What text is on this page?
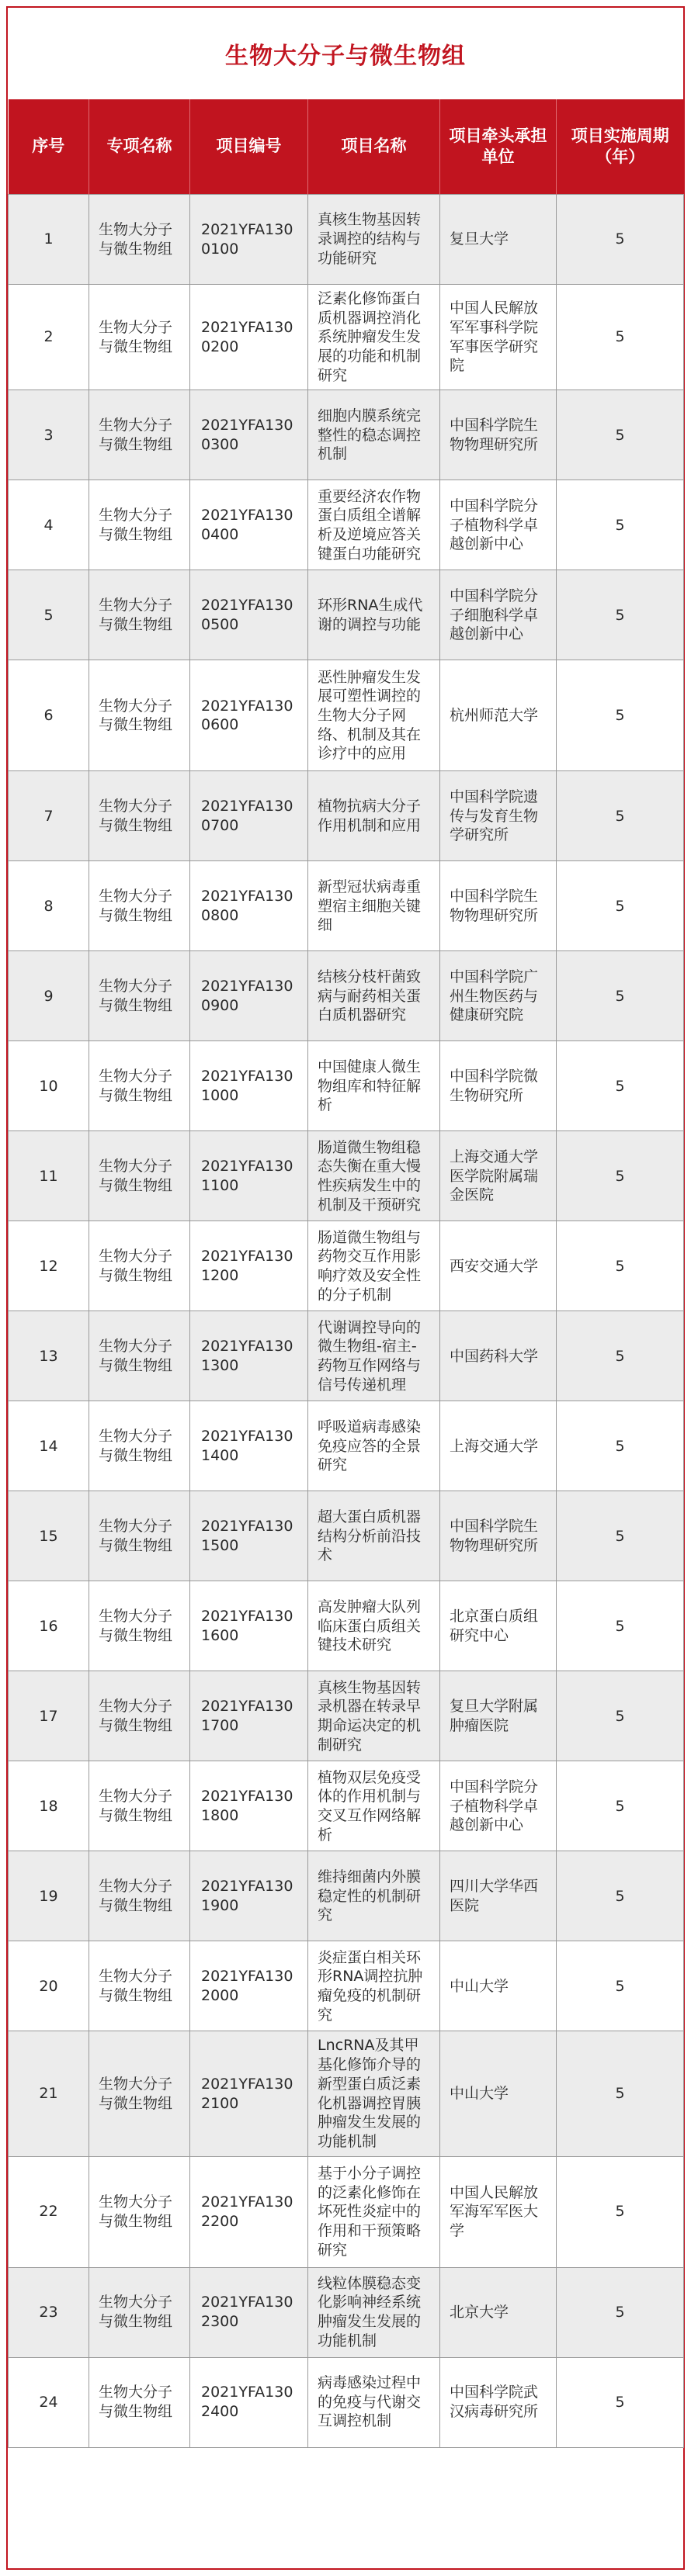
生物大分子与微生物组
序号	专项名称	项目编号	项目名称	项目牵头承担单位	项目实施周期（年）
1	生物大分子与微生物组	2021YFA1300100	真核生物基因转录调控的结构与功能研究	复旦大学	5
2	生物大分子与微生物组	2021YFA1300200	泛素化修饰蛋白质机器调控消化系统肿瘤发生发展的功能和机制研究	中国人民解放军军事科学院军事医学研究院	5
3	生物大分子与微生物组	2021YFA1300300	细胞内膜系统完整性的稳态调控机制	中国科学院生物物理研究所	5
4	生物大分子与微生物组	2021YFA1300400	重要经济农作物蛋白质组全谱解析及逆境应答关键蛋白功能研究	中国科学院分子植物科学卓越创新中心	5
5	生物大分子与微生物组	2021YFA1300500	环形RNA生成代谢的调控与功能	中国科学院分子细胞科学卓越创新中心	5
6	生物大分子与微生物组	2021YFA1300600	恶性肿瘤发生发展可塑性调控的生物大分子网络、机制及其在诊疗中的应用	杭州师范大学	5
7	生物大分子与微生物组	2021YFA1300700	植物抗病大分子作用机制和应用	中国科学院遗传与发育生物学研究所	5
8	生物大分子与微生物组	2021YFA1300800	新型冠状病毒重塑宿主细胞关键细	中国科学院生物物理研究所	5
9	生物大分子与微生物组	2021YFA1300900	结核分枝杆菌致病与耐药相关蛋白质机器研究	中国科学院广州生物医药与健康研究院	5
10	生物大分子与微生物组	2021YFA1301000	中国健康人微生物组库和特征解析	中国科学院微生物研究所	5
11	生物大分子与微生物组	2021YFA1301100	肠道微生物组稳态失衡在重大慢性疾病发生中的机制及干预研究	上海交通大学医学院附属瑞金医院	5
12	生物大分子与微生物组	2021YFA1301200	肠道微生物组与药物交互作用影响疗效及安全性的分子机制	西安交通大学	5
13	生物大分子与微生物组	2021YFA1301300	代谢调控导向的微生物组-宿主-药物互作网络与信号传递机理	中国药科大学	5
14	生物大分子与微生物组	2021YFA1301400	呼吸道病毒感染免疫应答的全景研究	上海交通大学	5
15	生物大分子与微生物组	2021YFA1301500	超大蛋白质机器结构分析前沿技术	中国科学院生物物理研究所	5
16	生物大分子与微生物组	2021YFA1301600	高发肿瘤大队列临床蛋白质组关键技术研究	北京蛋白质组研究中心	5
17	生物大分子与微生物组	2021YFA1301700	真核生物基因转录机器在转录早期命运决定的机制研究	复旦大学附属肿瘤医院	5
18	生物大分子与微生物组	2021YFA1301800	植物双层免疫受体的作用机制与交叉互作网络解析	中国科学院分子植物科学卓越创新中心	5
19	生物大分子与微生物组	2021YFA1301900	维持细菌内外膜稳定性的机制研究	四川大学华西医院	5
20	生物大分子与微生物组	2021YFA1302000	炎症蛋白相关环形RNA调控抗肿瘤免疫的机制研究	中山大学	5
21	生物大分子与微生物组	2021YFA1302100	LncRNA及其甲基化修饰介导的新型蛋白质泛素化机器调控胃胰肿瘤发生发展的功能机制	中山大学	5
22	生物大分子与微生物组	2021YFA1302200	基于小分子调控的泛素化修饰在坏死性炎症中的作用和干预策略研究	中国人民解放军海军军医大学	5
23	生物大分子与微生物组	2021YFA1302300	线粒体膜稳态变化影响神经系统肿瘤发生发展的功能机制	北京大学	5
24	生物大分子与微生物组	2021YFA1302400	病毒感染过程中的免疫与代谢交互调控机制	中国科学院武汉病毒研究所	5
